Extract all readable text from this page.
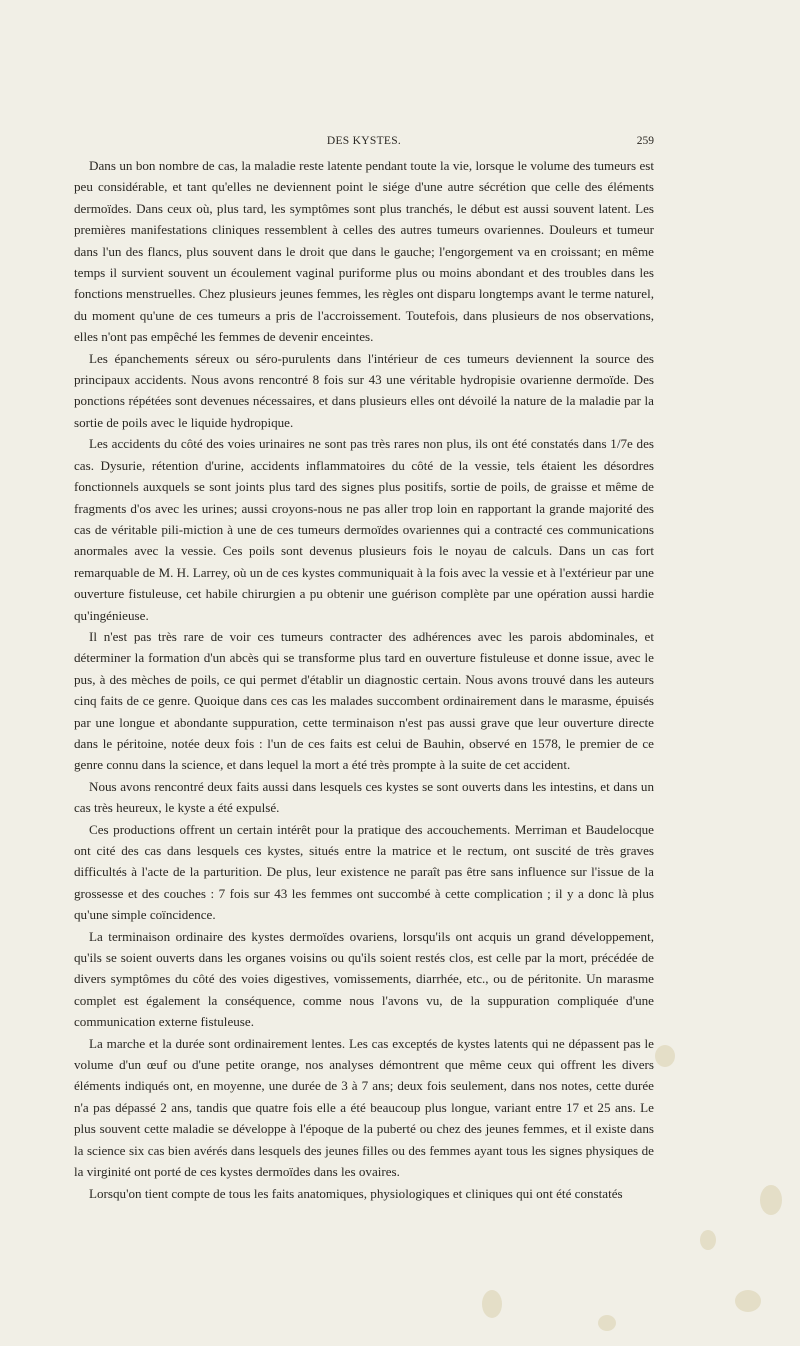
DES KYSTES.	259

Dans un bon nombre de cas, la maladie reste latente pendant toute la vie, lorsque le volume des tumeurs est peu considérable, et tant qu'elles ne deviennent point le siége d'une autre sécrétion que celle des éléments dermoïdes. Dans ceux où, plus tard, les symptômes sont plus tranchés, le début est aussi souvent latent. Les premières manifestations cliniques ressemblent à celles des autres tumeurs ovariennes. Douleurs et tumeur dans l'un des flancs, plus souvent dans le droit que dans le gauche; l'engorgement va en croissant; en même temps il survient souvent un écoulement vaginal puriforme plus ou moins abondant et des troubles dans les fonctions menstruelles. Chez plusieurs jeunes femmes, les règles ont disparu longtemps avant le terme naturel, du moment qu'une de ces tumeurs a pris de l'accroissement. Toutefois, dans plusieurs de nos observations, elles n'ont pas empêché les femmes de devenir enceintes.

Les épanchements séreux ou séro-purulents dans l'intérieur de ces tumeurs deviennent la source des principaux accidents. Nous avons rencontré 8 fois sur 43 une véritable hydropisie ovarienne dermoïde. Des ponctions répétées sont devenues nécessaires, et dans plusieurs elles ont dévoilé la nature de la maladie par la sortie de poils avec le liquide hydropique.

Les accidents du côté des voies urinaires ne sont pas très rares non plus, ils ont été constatés dans 1/7e des cas. Dysurie, rétention d'urine, accidents inflammatoires du côté de la vessie, tels étaient les désordres fonctionnels auxquels se sont joints plus tard des signes plus positifs, sortie de poils, de graisse et même de fragments d'os avec les urines; aussi croyons-nous ne pas aller trop loin en rapportant la grande majorité des cas de véritable pili-miction à une de ces tumeurs dermoïdes ovariennes qui a contracté ces communications anormales avec la vessie. Ces poils sont devenus plusieurs fois le noyau de calculs. Dans un cas fort remarquable de M. H. Larrey, où un de ces kystes communiquait à la fois avec la vessie et à l'extérieur par une ouverture fistuleuse, cet habile chirurgien a pu obtenir une guérison complète par une opération aussi hardie qu'ingénieuse.

Il n'est pas très rare de voir ces tumeurs contracter des adhérences avec les parois abdominales, et déterminer la formation d'un abcès qui se transforme plus tard en ouverture fistuleuse et donne issue, avec le pus, à des mèches de poils, ce qui permet d'établir un diagnostic certain. Nous avons trouvé dans les auteurs cinq faits de ce genre. Quoique dans ces cas les malades succombent ordinairement dans le marasme, épuisés par une longue et abondante suppuration, cette terminaison n'est pas aussi grave que leur ouverture directe dans le péritoine, notée deux fois : l'un de ces faits est celui de Bauhin, observé en 1578, le premier de ce genre connu dans la science, et dans lequel la mort a été très prompte à la suite de cet accident.

Nous avons rencontré deux faits aussi dans lesquels ces kystes se sont ouverts dans les intestins, et dans un cas très heureux, le kyste a été expulsé.

Ces productions offrent un certain intérêt pour la pratique des accouchements. Merriman et Baudelocque ont cité des cas dans lesquels ces kystes, situés entre la matrice et le rectum, ont suscité de très graves difficultés à l'acte de la parturition. De plus, leur existence ne paraît pas être sans influence sur l'issue de la grossesse et des couches : 7 fois sur 43 les femmes ont succombé à cette complication ; il y a donc là plus qu'une simple coïncidence.

La terminaison ordinaire des kystes dermoïdes ovariens, lorsqu'ils ont acquis un grand développement, qu'ils se soient ouverts dans les organes voisins ou qu'ils soient restés clos, est celle par la mort, précédée de divers symptômes du côté des voies digestives, vomissements, diarrhée, etc., ou de péritonite. Un marasme complet est également la conséquence, comme nous l'avons vu, de la suppuration compliquée d'une communication externe fistuleuse.

La marche et la durée sont ordinairement lentes. Les cas exceptés de kystes latents qui ne dépassent pas le volume d'un œuf ou d'une petite orange, nos analyses démontrent que même ceux qui offrent les divers éléments indiqués ont, en moyenne, une durée de 3 à 7 ans; deux fois seulement, dans nos notes, cette durée n'a pas dépassé 2 ans, tandis que quatre fois elle a été beaucoup plus longue, variant entre 17 et 25 ans. Le plus souvent cette maladie se développe à l'époque de la puberté ou chez des jeunes femmes, et il existe dans la science six cas bien avérés dans lesquels des jeunes filles ou des femmes ayant tous les signes physiques de la virginité ont porté de ces kystes dermoïdes dans les ovaires.

Lorsqu'on tient compte de tous les faits anatomiques, physiologiques et cliniques qui ont été constatés
